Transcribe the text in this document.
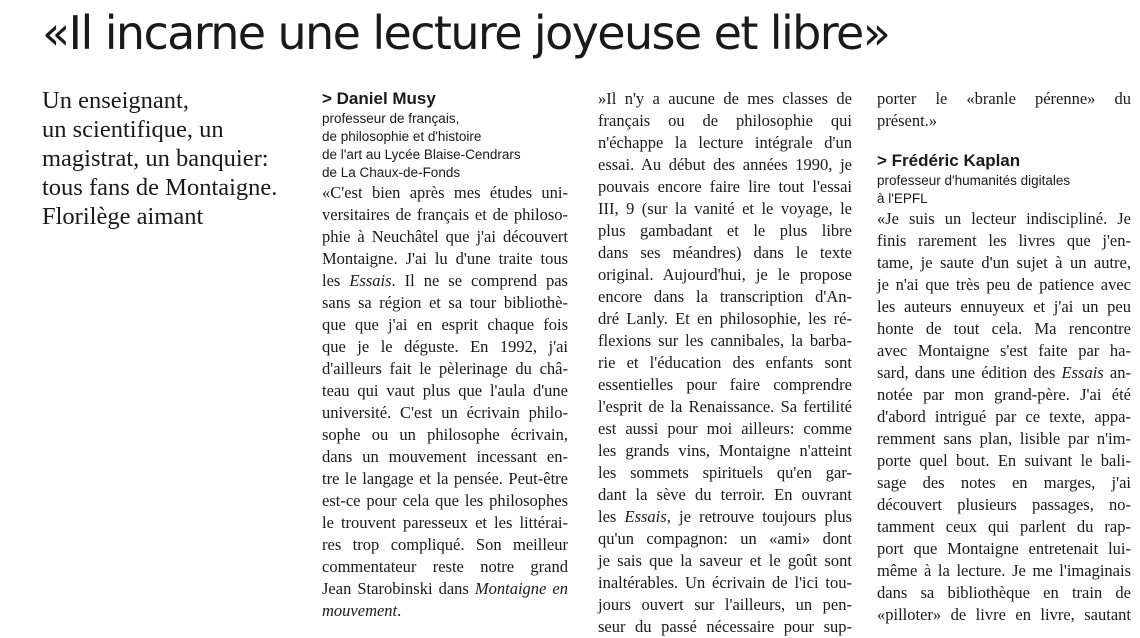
«Il incarne une lecture joyeuse et libre»
Un enseignant,
un scientifique, un
magistrat, un banquier:
tous fans de Montaigne.
Florilège aimant
> Daniel Musy
professeur de français,
de philosophie et d'histoire
de l'art au Lycée Blaise-Cendrars
de La Chaux-de-Fonds
«C'est bien après mes études uni-
versitaires de français et de philoso-
phie à Neuchâtel que j'ai découvert
Montaigne. J'ai lu d'une traite tous
les Essais. Il ne se comprend pas
sans sa région et sa tour bibliothè-
que que j'ai en esprit chaque fois
que je le déguste. En 1992, j'ai
d'ailleurs fait le pèlerinage du châ-
teau qui vaut plus que l'aula d'une
université. C'est un écrivain philo-
sophe ou un philosophe écrivain,
dans un mouvement incessant en-
tre le langage et la pensée. Peut-être
est-ce pour cela que les philosophes
le trouvent paresseux et les littérai-
res trop compliqué. Son meilleur
commentateur reste notre grand
Jean Starobinski dans Montaigne en
mouvement.
»Il n'y a aucune de mes classes de
français ou de philosophie qui
n'échappe la lecture intégrale d'un
essai. Au début des années 1990, je
pouvais encore faire lire tout l'essai
III, 9 (sur la vanité et le voyage, le
plus gambadant et le plus libre
dans ses méandres) dans le texte
original. Aujourd'hui, je le propose
encore dans la transcription d'An-
dré Lanly. Et en philosophie, les ré-
flexions sur les cannibales, la barba-
rie et l'éducation des enfants sont
essentielles pour faire comprendre
l'esprit de la Renaissance. Sa fertilité
est aussi pour moi ailleurs: comme
les grands vins, Montaigne n'atteint
les sommets spirituels qu'en gar-
dant la sève du terroir. En ouvrant
les Essais, je retrouve toujours plus
qu'un compagnon: un «ami» dont
je sais que la saveur et le goût sont
inaltérables. Un écrivain de l'ici tou-
jours ouvert sur l'ailleurs, un pen-
seur du passé nécessaire pour sup-
porter le «branle pérenne» du
présent.»
> Frédéric Kaplan
professeur d'humanités digitales
à l'EPFL
«Je suis un lecteur indiscipliné. Je
finis rarement les livres que j'en-
tame, je saute d'un sujet à un autre,
je n'ai que très peu de patience avec
les auteurs ennuyeux et j'ai un peu
honte de tout cela. Ma rencontre
avec Montaigne s'est faite par ha-
sard, dans une édition des Essais an-
notée par mon grand-père. J'ai été
d'abord intrigué par ce texte, appa-
remment sans plan, lisible par n'im-
porte quel bout. En suivant le bali-
sage des notes en marges, j'ai
découvert plusieurs passages, no-
tamment ceux qui parlent du rap-
port que Montaigne entretenait lui-
même à la lecture. Je me l'imaginais
dans sa bibliothèque en train de
«pilloter» de livre en livre, sautant
